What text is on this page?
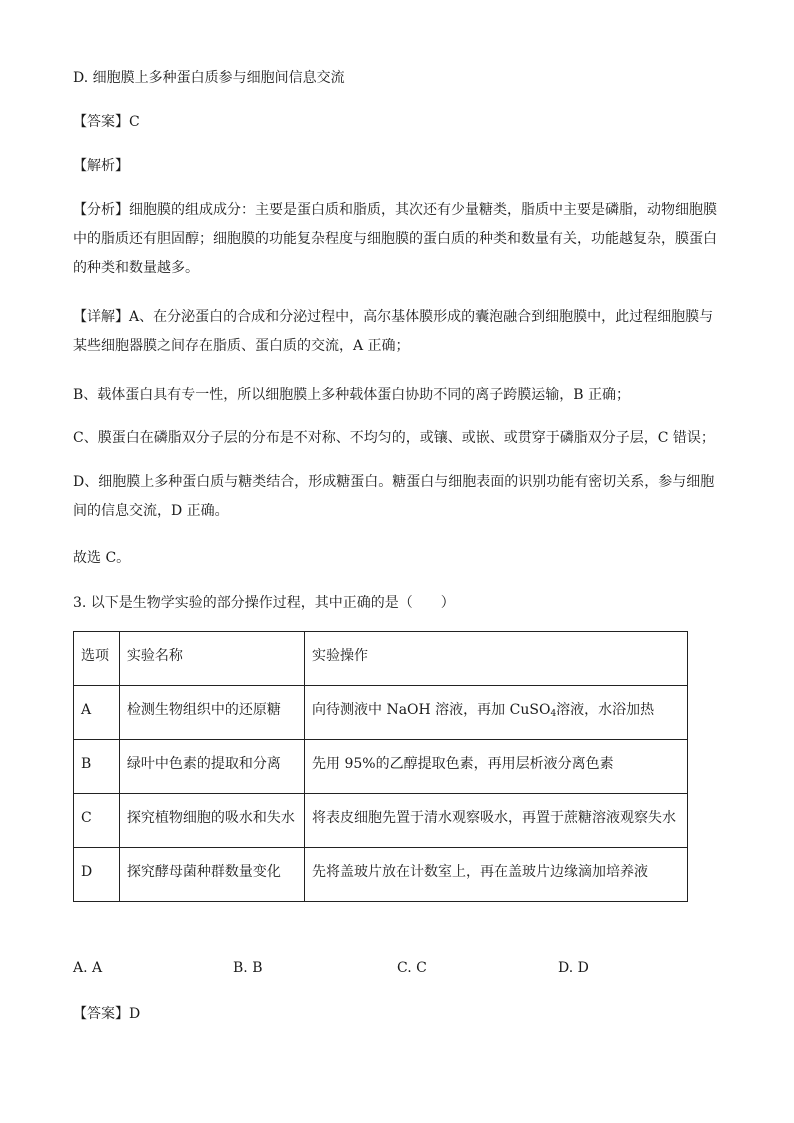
D. 细胞膜上多种蛋白质参与细胞间信息交流
【答案】C
【解析】

【分析】细胞膜的组成成分：主要是蛋白质和脂质，其次还有少量糖类，脂质中主要是磷脂，动物细胞膜

中的脂质还有胆固醇；细胞膜的功能复杂程度与细胞膜的蛋白质的种类和数量有关，功能越复杂，膜蛋白

的种类和数量越多。

【详解】A、在分泌蛋白的合成和分泌过程中，高尔基体膜形成的囊泡融合到细胞膜中，此过程细胞膜与

某些细胞器膜之间存在脂质、蛋白质的交流，A 正确；

B、载体蛋白具有专一性，所以细胞膜上多种载体蛋白协助不同的离子跨膜运输，B 正确；
C、膜蛋白在磷脂双分子层的分布是不对称、不均匀的，或镶、或嵌、或贯穿于磷脂双分子层，C 错误；

D、细胞膜上多种蛋白质与糖类结合，形成糖蛋白。糖蛋白与细胞表面的识别功能有密切关系，参与细胞

间的信息交流，D 正确。

故选 C。
3. 以下是生物学实验的部分操作过程，其中正确的是（　　）
选项	实验名称	实验操作
A	检测生物组织中的还原糖	向待测液中 NaOH 溶液，再加 CuSO$_4$溶液，水浴加热
B	绿叶中色素的提取和分离	先用 95%的乙醇提取色素，再用层析液分离色素
C	探究植物细胞的吸水和失水	将表皮细胞先置于清水观察吸水，再置于蔗糖溶液观察失水
D	探究酵母菌种群数量变化	先将盖玻片放在计数室上，再在盖玻片边缘滴加培养液
A. A	B. B	C. C	D. D
【答案】D
